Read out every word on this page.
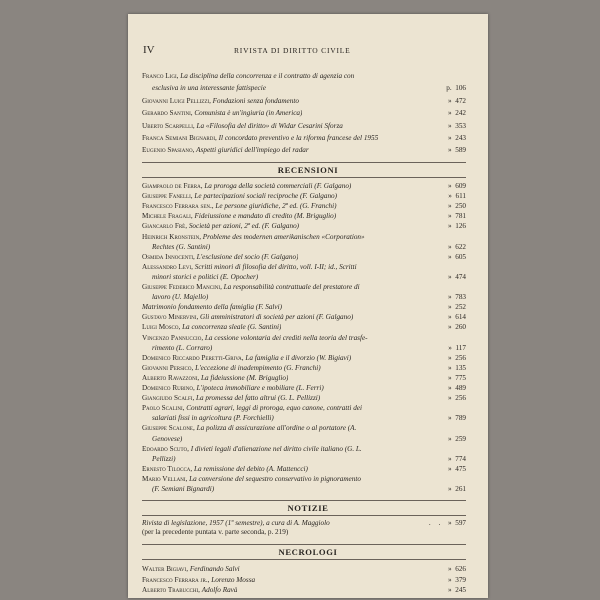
IV	RIVISTA DI DIRITTO CIVILE
RECENSIONI
NOTIZIE
Rivista di legislazione, 1957 (1º semestre), a cura di A. Maggiolo	. . »  597
(per la precedente puntata v. parte seconda, p. 219)
NECROLOGI
Franco Ligi, La disciplina della concorrenza e il contratto di agenzia con
esclusiva in una interessante fattispecie	p.  106
Giovanni Luigi Pellizzi, Fondazioni senza fondamento	»  472
Gerardo Santini, Comunista è un'ingiuria (in America)	»  242
Uberto Scarpelli, La «Filosofia del diritto» di Widar Cesarini Sforza	»  353
Franca Semiani Bignardi, Il concordato preventivo e la riforma francese del 1955	»  243
Eugenio Spasiano, Aspetti giuridici dell'impiego del radar	»  589
Giampaolo de Ferra, La proroga della società commerciali (F. Galgano)	»  609
Giuseppe Fanelli, Le partecipazioni sociali reciproche (F. Galgano)	»  611
Francesco Ferrara sen., Le persone giuridiche, 2ª ed. (G. Franchi)	»  250
Michele Fragali, Fideiussione e mandato di credito (M. Briguglio)	»  781
Giancarlo Frè, Società per azioni, 2ª ed. (F. Galgano)	»  126
Heinrich Kronstein, Probleme des modernen amerikanischen «Corporation»
Rechtes (G. Santini)	»  622
Osmida Innocenti, L'esclusione del socio (F. Galgano)	»  605
Alessandro Levi, Scritti minori di filosofia del diritto, voll. I-II; id., Scritti
minori storici e politici (E. Opocher)	»  474
Giuseppe Federico Mancini, La responsabilità contrattuale del prestatore di
lavoro (U. Majello)	»  783
Matrimonio fondamento della famiglia (F. Salvi)	»  252
Gustavo Minervini, Gli amministratori di società per azioni (F. Galgano)	»  614
Luigi Mosco, La concorrenza sleale (G. Santini)	»  260
Vincenzo Pannuccio, La cessione volontaria dei crediti nella teoria del trasfe-
rimento (L. Corraro)	»  117
Domenico Riccardo Peretti-Griva, La famiglia e il divorzio (W. Bigiavi)	»  256
Giovanni Persico, L'eccezione di inadempimento (G. Franchi)	»  135
Alberto Ravazzoni, La fideiussione (M. Briguglio)	»  775
Domenico Rubino, L'ipoteca immobiliare e mobiliare (L. Ferri)	»  489
Giangiudo Scalfi, La promessa del fatto altrui (G. L. Pellizzi)	»  256
Paolo Scalini, Contratti agrari, leggi di proroga, equo canone, contratti dei
salariati fissi in agricoltura (P. Forchielli)	»  789
Giuseppe Scalone, La polizza di assicurazione all'ordine o al portatore (A.
Genovese)	»  259
Edoardo Scuto, I divieti legali d'alienazione nel diritto civile italiano (G. L.
Pellizzi)	»  774
Ernesto Tilocca, La remissione del debito (A. Mattencci)	»  475
Mario Vellani, La conversione del sequestro conservativo in pignoramento
(F. Semiani Bignardi)	»  261
Walter Bigiavi, Ferdinando Salvi	»  626
Francesco Ferrara jr., Lorenzo Mossa	»  379
Alberto Trabucchi, Adolfo Ravà	»  245
